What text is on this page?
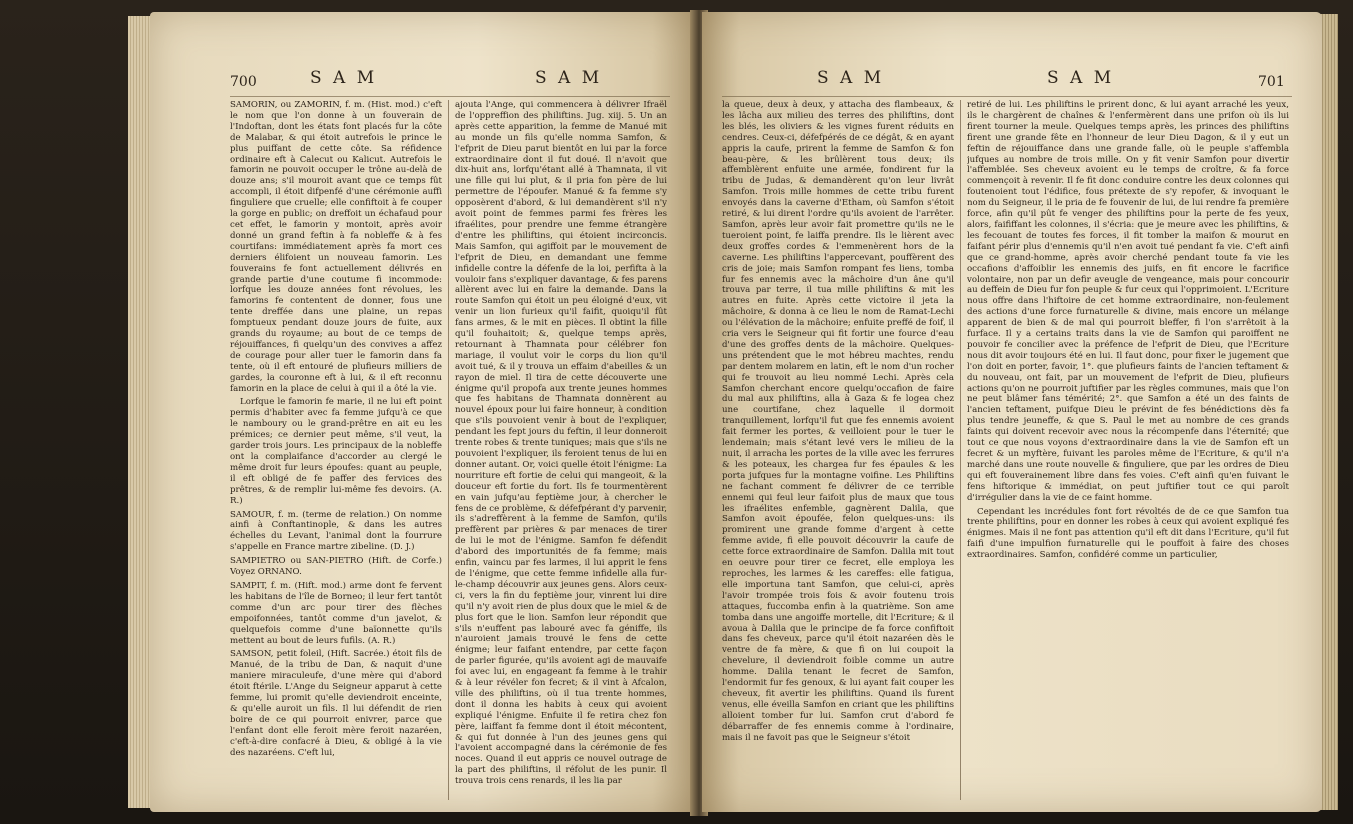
700	S A M	S A M

SAMORIN, ou ZAMORIN, f. m. (Hist. mod.) c'eft le nom que l'on donne à un fouverain de l'Indoftan, dont les états font placés fur la côte de Malabar, & qui étoit autrefois le prince le plus puiffant de cette côte. Sa réfidence ordinaire eft à Calecut ou Kalicut. Autrefois le famorin ne pouvoit occuper le trône au-delà de douze ans; s'il mouroit avant que ce temps fût accompli, il étoit difpenfé d'une cérémonie auffi finguliere que cruelle; elle confiftoit à fe couper la gorge en public; on dreffoit un échafaud pour cet effet, le famorin y montoit, après avoir donné un grand feftin à fa nobleffe & à fes courtifans: immédiatement après fa mort ces derniers élifoient un nouveau famorin. Les fouverains fe font actuellement délivrés en grande partie d'une coutume fi incommode: lorfque les douze années font révolues, les famorins fe contentent de donner, fous une tente dreffée dans une plaine, un repas fomptueux pendant douze jours de fuite, aux grands du royaume; au bout de ce temps de réjouiffances, fi quelqu'un des convives a affez de courage pour aller tuer le famorin dans fa tente, où il eft entouré de plufieurs milliers de gardes, la couronne eft à lui, & il eft reconnu famorin en la place de celui à qui il a ôté la vie.

Lorfque le famorin fe marie, il ne lui eft point permis d'habiter avec fa femme jufqu'à ce que le namboury ou le grand-prêtre en ait eu les prémices; ce dernier peut même, s'il veut, la garder trois jours. Les principaux de la nobleffe ont la complaifance d'accorder au clergé le même droit fur leurs époufes: quant au peuple, il eft obligé de fe paffer des fervices des prêtres, & de remplir lui-même fes devoirs. (A. R.)

SAMOUR, f. m. (terme de relation.) On nomme ainfi à Conftantinople, & dans les autres échelles du Levant, l'animal dont la fourrure s'appelle en France martre zibeline. (D. J.)

SAMPIETRO ou SAN-PIETRO (Hift. de Corfe.) Voyez ORNANO.

SAMPIT, f. m. (Hift. mod.) arme dont fe fervent les habitans de l'île de Borneo; il leur fert tantôt comme d'un arc pour tirer des flèches empoifonnées, tantôt comme d'un javelot, & quelquefois comme d'une baïonnette qu'ils mettent au bout de leurs fufils. (A. R.)

SAMSON, petit foleil, (Hift. Sacrée.) étoit fils de Manué, de la tribu de Dan, & naquit d'une maniere miraculeufe, d'une mère qui d'abord étoit ftérile. L'Ange du Seigneur apparut à cette femme, lui promit qu'elle deviendroit enceinte, & qu'elle auroit un fils. Il lui défendit de rien boire de ce qui pourroit enivrer, parce que l'enfant dont elle feroit mère feroit nazaréen, c'eft-à-dire confacré à Dieu, & obligé à la vie des nazaréens. C'eft lui,

ajouta l'Ange, qui commencera à délivrer Ifraël de l'oppreffion des philiftins. Jug. xiij. 5. Un an après cette apparition, la femme de Manué mit au monde un fils qu'elle nomma Samfon, & l'efprit de Dieu parut bientôt en lui par la force extraordinaire dont il fut doué. Il n'avoit que dix-huit ans, lorfqu'étant allé à Thamnata, il vit une fille qui lui plut, & il pria fon père de lui permettre de l'époufer. Manué & fa femme s'y opposèrent d'abord, & lui demandèrent s'il n'y avoit point de femmes parmi fes frères les ifraélites, pour prendre une femme étrangère d'entre les philiftins, qui étoient incirconcis. Mais Samfon, qui agiffoit par le mouvement de l'efprit de Dieu, en demandant une femme infidelle contre la défenfe de la loi, perfifta à la vouloir fans s'expliquer davantage, & fes parens allèrent avec lui en faire la demande. Dans la route Samfon qui étoit un peu éloigné d'eux, vit venir un lion furieux qu'il faifit, quoiqu'il fût fans armes, & le mit en pièces. Il obtint la fille qu'il fouhaitoit; &, quelque temps après, retournant à Thamnata pour célébrer fon mariage, il voulut voir le corps du lion qu'il avoit tué, & il y trouva un effaim d'abeilles & un rayon de miel. Il tira de cette découverte une énigme qu'il propofa aux trente jeunes hommes que fes habitans de Thamnata donnèrent au nouvel époux pour lui faire honneur, à condition que s'ils pouvoient venir à bout de l'expliquer, pendant les fept jours du feftin, il leur donneroit trente robes & trente tuniques; mais que s'ils ne pouvoient l'expliquer, ils feroient tenus de lui en donner autant. Or, voici quelle étoit l'énigme: La nourriture eft fortie de celui qui mangeoit, & la douceur eft fortie du fort. Ils fe tourmentèrent en vain jufqu'au feptième jour, à chercher le fens de ce problème, & défefpérant d'y parvenir, ils s'adreffèrent à la femme de Samfon, qu'ils preffèrent par prières & par menaces de tirer de lui le mot de l'énigme. Samfon fe défendit d'abord des importunités de fa femme; mais enfin, vaincu par fes larmes, il lui apprit le fens de l'énigme, que cette femme infidelle alla fur-le-champ découvrir aux jeunes gens. Alors ceux-ci, vers la fin du feptième jour, vinrent lui dire qu'il n'y avoit rien de plus doux que le miel & de plus fort que le lion. Samfon leur répondit que s'ils n'euffent pas labouré avec fa géniffe, ils n'auroient jamais trouvé le fens de cette énigme; leur faifant entendre, par cette façon de parler figurée, qu'ils avoient agi de mauvaife foi avec lui, en engageant fa femme à le trahir & à leur révéler fon fecret; & il vint à Afcalon, ville des philiftins, où il tua trente hommes, dont il donna les habits à ceux qui avoient expliqué l'énigme. Enfuite il fe retira chez fon père, laiffant fa femme dont il étoit mécontent, & qui fut donnée à l'un des jeunes gens qui l'avoient accompagné dans la cérémonie de fes noces. Quand il eut appris ce nouvel outrage de la part des philiftins, il réfolut de les punir. Il trouva trois cens renards, il les lia par

S A M	S A M	701

la queue, deux à deux, y attacha des flambeaux, & les lâcha aux milieu des terres des philiftins, dont les blés, les oliviers & les vignes furent réduits en cendres. Ceux-ci, défefpérés de ce dégât, & en ayant appris la caufe, prirent la femme de Samfon & fon beau-père, & les brûlèrent tous deux; ils affemblèrent enfuite une armée, fondirent fur la tribu de Judas, & demandèrent qu'on leur livrât Samfon. Trois mille hommes de cette tribu furent envoyés dans la caverne d'Etham, où Samfon s'étoit retiré, & lui dirent l'ordre qu'ils avoient de l'arrêter. Samfon, après leur avoir fait promettre qu'ils ne le tueroient point, fe laiffa prendre. Ils le lièrent avec deux groffes cordes & l'emmenèrent hors de la caverne. Les philiftins l'appercevant, pouffèrent des cris de joie; mais Samfon rompant fes liens, tomba fur fes ennemis avec la mâchoire d'un âne qu'il trouva par terre, il tua mille philiftins & mit les autres en fuite. Après cette victoire il jeta la mâchoire, & donna à ce lieu le nom de Ramat-Lechi ou l'élévation de la mâchoire; enfuite preffé de foif, il cria vers le Seigneur qui fit fortir une fource d'eau d'une des groffes dents de la mâchoire. Quelques-uns prétendent que le mot hébreu machtes, rendu par dentem molarem en latin, eft le nom d'un rocher qui fe trouvoit au lieu nommé Lechi. Après cela Samfon cherchant encore quelqu'occafion de faire du mal aux philiftins, alla à Gaza & fe logea chez une courtifane, chez laquelle il dormoit tranquillement, lorfqu'il fut que fes ennemis avoient fait fermer les portes, & veilloient pour le tuer le lendemain; mais s'étant levé vers le milieu de la nuit, il arracha les portes de la ville avec les ferrures & les poteaux, les chargea fur fes épaules & les porta jufques fur la montagne voifine. Les Philiftins ne fachant comment fe délivrer de ce terrible ennemi qui feul leur faifoit plus de maux que tous les ifraélites enfemble, gagnèrent Dalila, que Samfon avoit époufée, felon quelques-uns: ils promirent une grande fomme d'argent à cette femme avide, fi elle pouvoit découvrir la caufe de cette force extraordinaire de Samfon. Dalila mit tout en oeuvre pour tirer ce fecret, elle employa les reproches, les larmes & les careffes: elle fatigua, elle importuna tant Samfon, que celui-ci, après l'avoir trompée trois fois & avoir foutenu trois attaques, fuccomba enfin à la quatrième. Son ame tomba dans une angoiffe mortelle, dit l'Ecriture; & il avoua à Dalila que le principe de fa force confiftoit dans fes cheveux, parce qu'il étoit nazaréen dès le ventre de fa mère, & que fi on lui coupoit la chevelure, il deviendroit foible comme un autre homme. Dalila tenant le fecret de Samfon, l'endormit fur fes genoux, & lui ayant fait couper les cheveux, fit avertir les philiftins. Quand ils furent venus, elle éveilla Samfon en criant que les philiftins alloient tomber fur lui. Samfon crut d'abord fe débarraffer de fes ennemis comme à l'ordinaire, mais il ne favoit pas que le Seigneur s'étoit

retiré de lui. Les philiftins le prirent donc, & lui ayant arraché les yeux, ils le chargèrent de chaînes & l'enfermèrent dans une prifon où ils lui firent tourner la meule. Quelques temps après, les princes des philiftins firent une grande fête en l'honneur de leur Dieu Dagon, & il y eut un feftin de réjouiffance dans une grande falle, où le peuple s'affembla jufques au nombre de trois mille. On y fit venir Samfon pour divertir l'affemblée. Ses cheveux avoient eu le temps de croître, & fa force commençoit à revenir. Il fe fit donc conduire contre les deux colonnes qui foutenoient tout l'édifice, fous prétexte de s'y repofer, & invoquant le nom du Seigneur, il le pria de fe fouvenir de lui, de lui rendre fa première force, afin qu'il pût fe venger des philiftins pour la perte de fes yeux, alors, faififfant les colonnes, il s'écria: que je meure avec les philiftins, & les fecouant de toutes fes forces, il fit tomber la maifon & mourut en faifant périr plus d'ennemis qu'il n'en avoit tué pendant fa vie. C'eft ainfi que ce grand-homme, après avoir cherché pendant toute fa vie les occafions d'affoiblir les ennemis des juifs, en fit encore le facrifice volontaire, non par un defir aveugle de vengeance, mais pour concourir au deffein de Dieu fur fon peuple & fur ceux qui l'opprimoient. L'Ecriture nous offre dans l'hiftoire de cet homme extraordinaire, non-feulement des actions d'une force furnaturelle & divine, mais encore un mélange apparent de bien & de mal qui pourroit bleffer, fi l'on s'arrêtoit à la furface. Il y a certains traits dans la vie de Samfon qui paroiffent ne pouvoir fe concilier avec la préfence de l'efprit de Dieu, que l'Ecriture nous dit avoir toujours été en lui. Il faut donc, pour fixer le jugement que l'on doit en porter, favoir, 1°. que plufieurs faints de l'ancien teftament & du nouveau, ont fait, par un mouvement de l'efprit de Dieu, plufieurs actions qu'on ne pourroit juftifier par les règles communes, mais que l'on ne peut blâmer fans témérité; 2°. que Samfon a été un des faints de l'ancien teftament, puifque Dieu le prévint de fes bénédictions dès fa plus tendre jeuneffe, & que S. Paul le met au nombre de ces grands faints qui doivent recevoir avec nous la récompenfe dans l'éternité; que tout ce que nous voyons d'extraordinaire dans la vie de Samfon eft un fecret & un myftère, fuivant les paroles même de l'Ecriture, & qu'il n'a marché dans une route nouvelle & finguliere, que par les ordres de Dieu qui eft fouverainement libre dans fes voies. C'eft ainfi qu'en fuivant le fens hiftorique & immédiat, on peut juftifier tout ce qui paroît d'irrégulier dans la vie de ce faint homme.

Cependant les incrédules font fort révoltés de de ce que Samfon tua trente philiftins, pour en donner les robes à ceux qui avoient expliqué fes énigmes. Mais il ne font pas attention qu'il eft dit dans l'Ecriture, qu'il fut faifi d'une impulfion furnaturelle qui le pouffoit à faire des choses extraordinaires. Samfon, confidéré comme un particulier,
